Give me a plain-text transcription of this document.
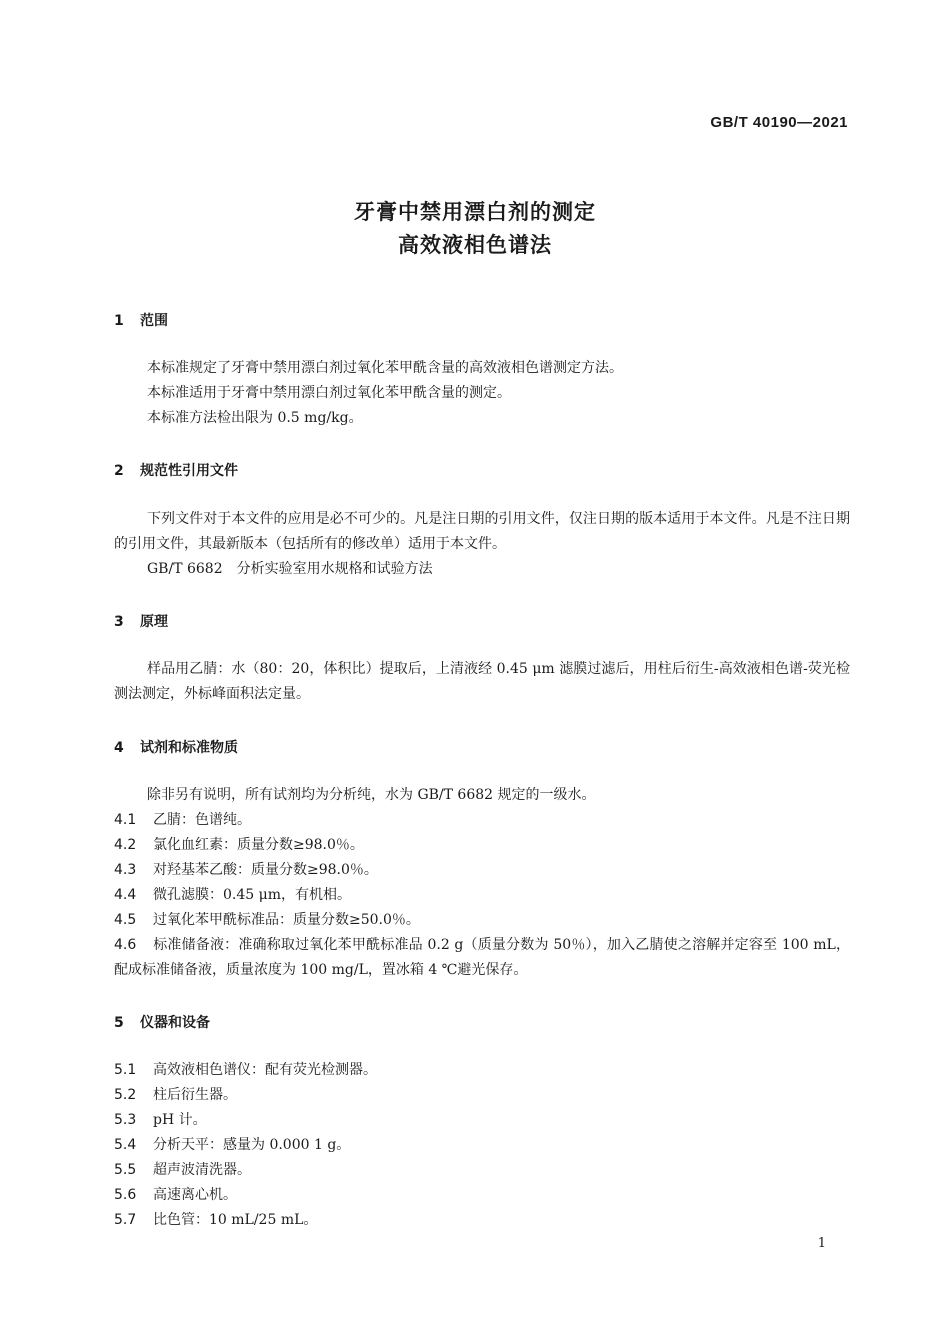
GB/T 40190—2021
牙膏中禁用漂白剂的测定
高效液相色谱法
1 范围
本标准规定了牙膏中禁用漂白剂过氧化苯甲酰含量的高效液相色谱测定方法。
本标准适用于牙膏中禁用漂白剂过氧化苯甲酰含量的测定。
本标准方法检出限为 0.5 mg/kg。
2 规范性引用文件
下列文件对于本文件的应用是必不可少的。凡是注日期的引用文件，仅注日期的版本适用于本文件。凡是不注日期的引用文件，其最新版本（包括所有的修改单）适用于本文件。
GB/T 6682　分析实验室用水规格和试验方法
3 原理
样品用乙腈：水（80：20，体积比）提取后，上清液经 0.45 μm 滤膜过滤后，用柱后衍生-高效液相色谱-荧光检测法测定，外标峰面积法定量。
4 试剂和标准物质
除非另有说明，所有试剂均为分析纯，水为 GB/T 6682 规定的一级水。
4.1 乙腈：色谱纯。
4.2 氯化血红素：质量分数≥98.0％。
4.3 对羟基苯乙酸：质量分数≥98.0％。
4.4 微孔滤膜：0.45 μm，有机相。
4.5 过氧化苯甲酰标准品：质量分数≥50.0％。
4.6 标准储备液：准确称取过氧化苯甲酰标准品 0.2 g（质量分数为 50％），加入乙腈使之溶解并定容至 100 mL，配成标准储备液，质量浓度为 100 mg/L，置冰箱 4 ℃避光保存。
5 仪器和设备
5.1 高效液相色谱仪：配有荧光检测器。
5.2 柱后衍生器。
5.3 pH 计。
5.4 分析天平：感量为 0.000 1 g。
5.5 超声波清洗器。
5.6 高速离心机。
5.7 比色管：10 mL/25 mL。
1
